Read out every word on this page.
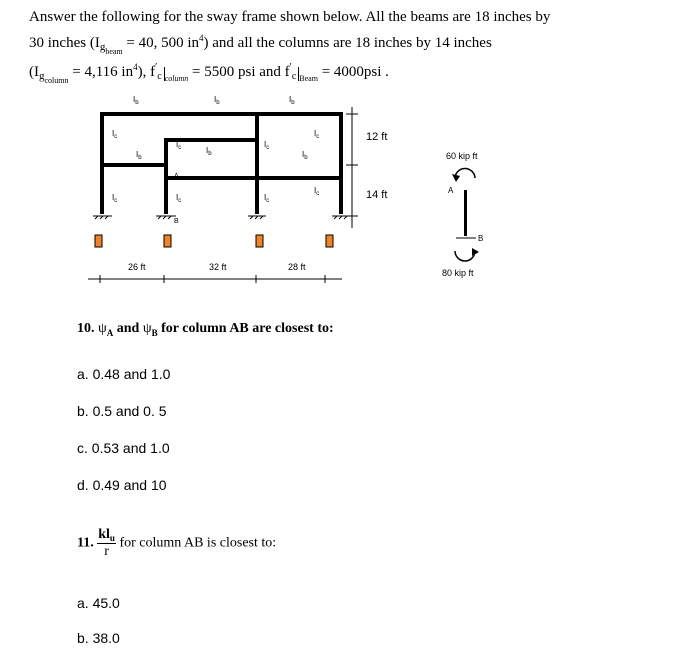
Answer the following for the sway frame shown below. All the beams are 18 inches by
30 inches ($I_{gbeam} = 40$, 500 $in^4$) and all the columns are 18 inches by 14 inches
($I_{gcolumn} = 4,116$ $in^4$), $f'_c$ $_{column}$ = 5500 psi and $f'_c$ $_{Beam}$ = 4000psi .
$I_b$	$I_b$	$I_b$
$I_c$
$I_b$
$I_c$	$I_b$
$I_c$
$I_c$
$I_b$
$I_c$
$I_c$	$I_c$	$I_c$
A
B
12 ft
14 ft
26 ft	32 ft	28 ft
60 kip ft
A
B
80 kip ft
10. $\psi_A$ and $\psi_B$ for column AB are closest to:
a. 0.48 and 1.0
b. 0.5 and 0. 5
c. 0.53 and 1.0
d. 0.49 and 10
11. $\frac{kl_u}{r}$ for column AB is closest to:
a. 45.0
b. 38.0
